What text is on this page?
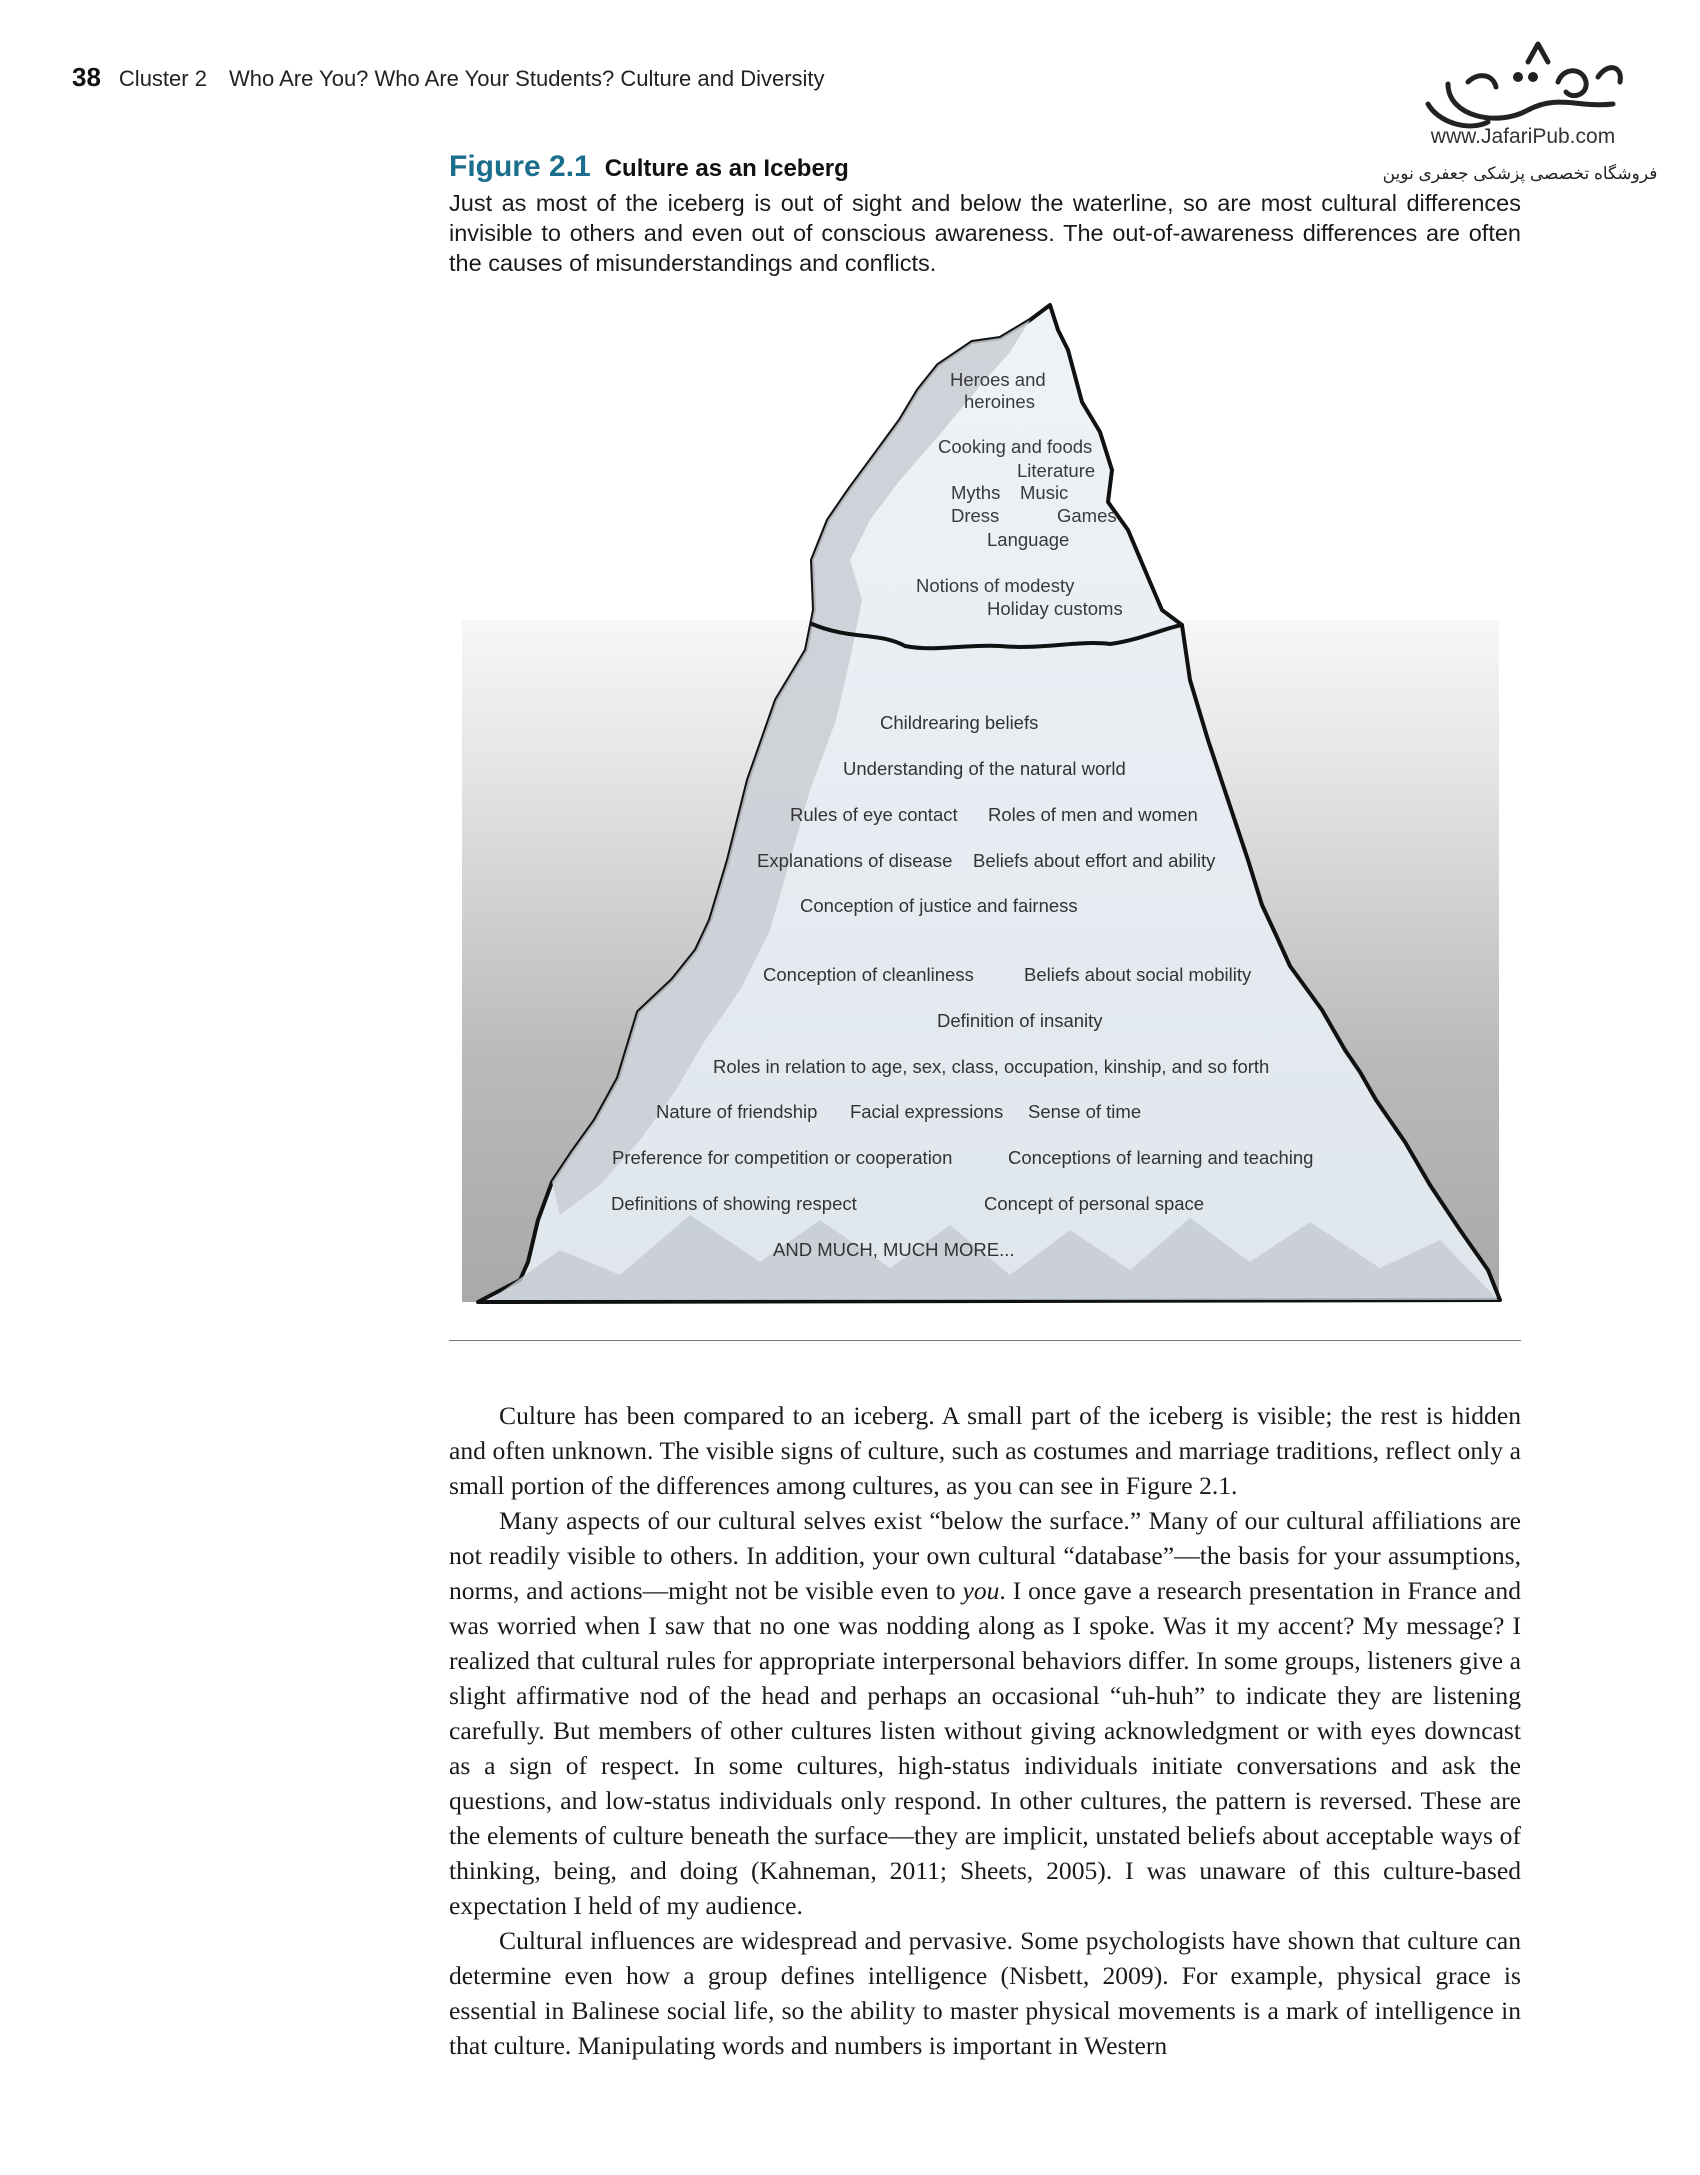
38 Cluster 2 Who Are You? Who Are Your Students? Culture and Diversity
www.JafariPub.com
فروشگاه تخصصی پزشکی جعفری نوین
Figure 2.1 Culture as an Iceberg
Just as most of the iceberg is out of sight and below the waterline, so are most cultural differences invisible to others and even out of conscious awareness. The out-of-awareness differences are often the causes of misunderstandings and conflicts.
Heroes and
heroines
Cooking and foods
Literature
Myths Music
Dress	Games
Language
Notions of modesty
Holiday customs
Childrearing beliefs
Understanding of the natural world
Rules of eye contact Roles of men and women
Explanations of disease Beliefs about effort and ability
Conception of justice and fairness
Conception of cleanliness	Beliefs about social mobility
Definition of insanity
Roles in relation to age, sex, class, occupation, kinship, and so forth
Nature of friendship Facial expressions Sense of time
Preference for competition or cooperation	Conceptions of learning and teaching
Definitions of showing respect	Concept of personal space
AND MUCH, MUCH MORE...

Culture has been compared to an iceberg. A small part of the iceberg is visible; the rest is hidden and often unknown. The visible signs of culture, such as costumes and marriage traditions, reflect only a small portion of the differences among cultures, as you can see in Figure 2.1.

Many aspects of our cultural selves exist “below the surface.” Many of our cultural affiliations are not readily visible to others. In addition, your own cultural “database”—the basis for your assumptions, norms, and actions—might not be visible even to you. I once gave a research presentation in France and was worried when I saw that no one was nodding along as I spoke. Was it my accent? My message? I realized that cultural rules for appropriate interpersonal behaviors differ. In some groups, listeners give a slight affirmative nod of the head and perhaps an occasional “uh-huh” to indicate they are listening carefully. But members of other cultures listen without giving acknowledgment or with eyes downcast as a sign of respect. In some cultures, high-status individuals initiate conversations and ask the questions, and low-status individuals only respond. In other cultures, the pattern is reversed. These are the elements of culture beneath the surface—they are implicit, unstated beliefs about acceptable ways of thinking, being, and doing (Kahneman, 2011; Sheets, 2005). I was unaware of this culture-based expectation I held of my audience.

Cultural influences are widespread and pervasive. Some psychologists have shown that culture can determine even how a group defines intelligence (Nisbett, 2009). For example, physical grace is essential in Balinese social life, so the ability to master physical movements is a mark of intelligence in that culture. Manipulating words and numbers is important in Western
